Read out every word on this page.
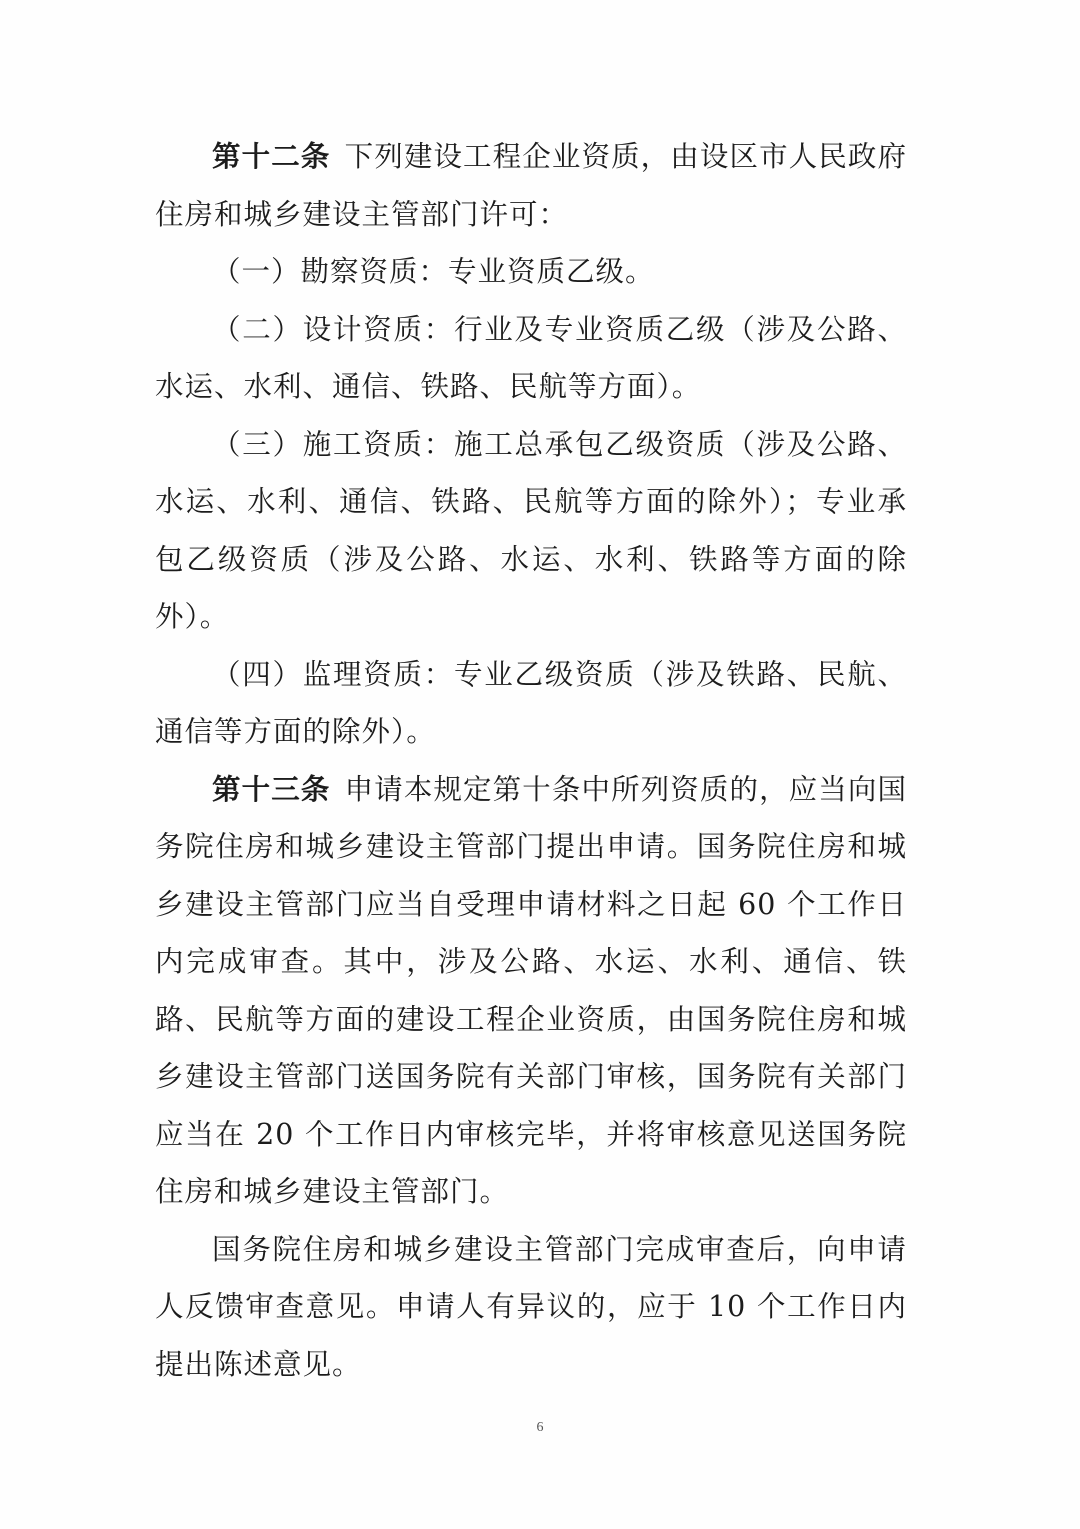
第十二条 下列建设工程企业资质，由设区市人民政府住房和城乡建设主管部门许可：

（一）勘察资质：专业资质乙级。

（二）设计资质：行业及专业资质乙级（涉及公路、水运、水利、通信、铁路、民航等方面）。

（三）施工资质：施工总承包乙级资质（涉及公路、水运、水利、通信、铁路、民航等方面的除外）；专业承包乙级资质（涉及公路、水运、水利、铁路等方面的除外）。

（四）监理资质：专业乙级资质（涉及铁路、民航、通信等方面的除外）。

第十三条 申请本规定第十条中所列资质的，应当向国务院住房和城乡建设主管部门提出申请。国务院住房和城乡建设主管部门应当自受理申请材料之日起 60 个工作日内完成审查。其中，涉及公路、水运、水利、通信、铁路、民航等方面的建设工程企业资质，由国务院住房和城乡建设主管部门送国务院有关部门审核，国务院有关部门应当在 20 个工作日内审核完毕，并将审核意见送国务院住房和城乡建设主管部门。

国务院住房和城乡建设主管部门完成审查后，向申请人反馈审查意见。申请人有异议的，应于 10 个工作日内提出陈述意见。

6
